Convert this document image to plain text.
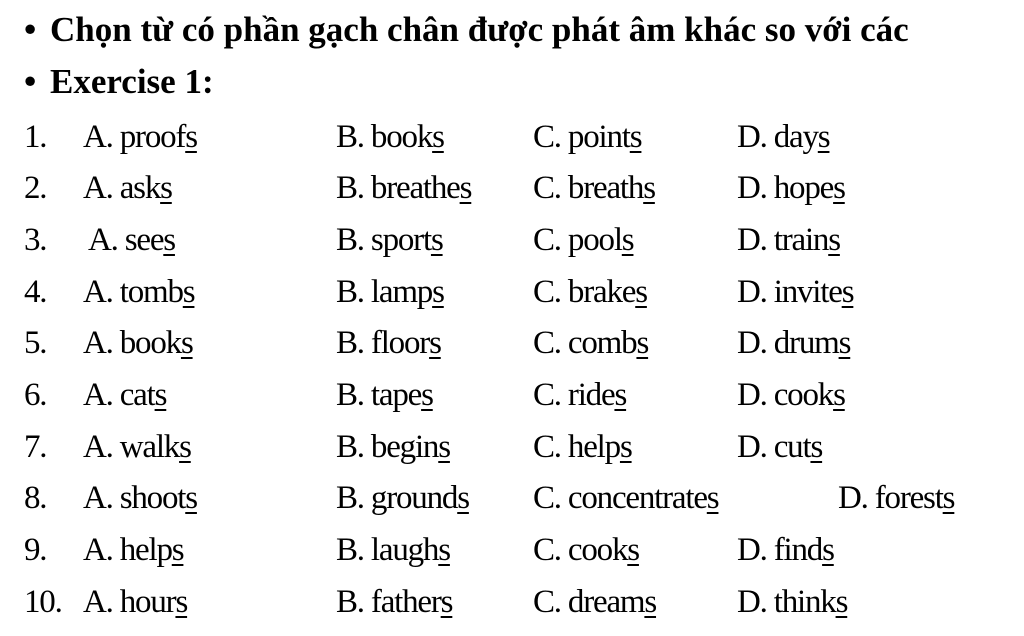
• Chọn từ có phần gạch chân được phát âm khác so với các
• Exercise 1:
1. A. proofs	B. books	C. points	D. days
2. A. asks	B. breathes C. breaths D. hopes
3. A. sees	B. sports	C. pools	D. trains
4. A. tombs	B. lamps	C. brakes	D. invites
5. A. books	B. floors	C. combs	D. drums
6. A. cats	B. tapes	C. rides	D. cooks
7. A. walks	B. begins	C. helps	D. cuts
8. A. shoots	B. grounds C. concentrates	D. forests
9. A. helps	B. laughs	C. cooks	D. finds
10. A. hours	B. fathers C. dreams D. thinks
